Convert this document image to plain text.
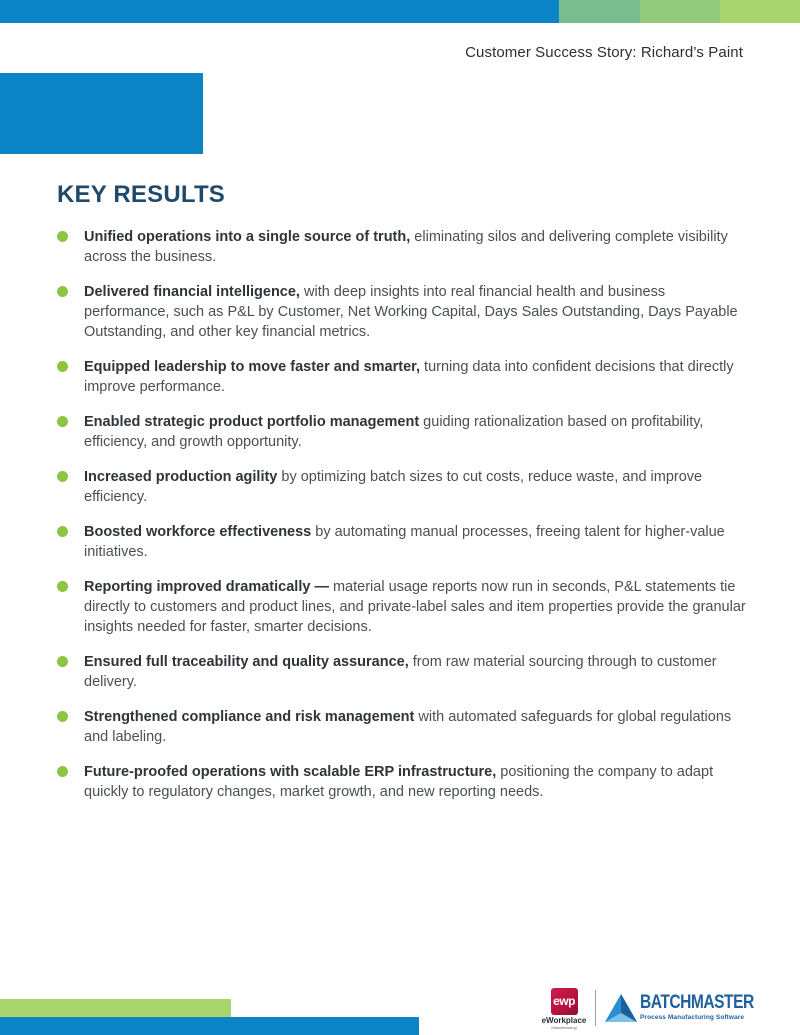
Customer Success Story: Richard’s Paint
KEY RESULTS
Unified operations into a single source of truth, eliminating silos and delivering complete visibility across the business.
Delivered financial intelligence, with deep insights into real financial health and business performance, such as P&L by Customer, Net Working Capital, Days Sales Outstanding, Days Payable Outstanding, and other key financial metrics.
Equipped leadership to move faster and smarter, turning data into confident decisions that directly improve performance.
Enabled strategic product portfolio management guiding rationalization based on profitability, efficiency, and growth opportunity.
Increased production agility by optimizing batch sizes to cut costs, reduce waste, and improve efficiency.
Boosted workforce effectiveness by automating manual processes, freeing talent for higher-value initiatives.
Reporting improved dramatically — material usage reports now run in seconds, P&L statements tie directly to customers and product lines, and private-label sales and item properties provide the granular insights needed for faster, smarter decisions.
Ensured full traceability and quality assurance, from raw material sourcing through to customer delivery.
Strengthened compliance and risk management with automated safeguards for global regulations and labeling.
Future-proofed operations with scalable ERP infrastructure, positioning the company to adapt quickly to regulatory changes, market growth, and new reporting needs.
ewp
eWorkplace
Manufacturing
BATCHMASTER
Process Manufacturing Software
